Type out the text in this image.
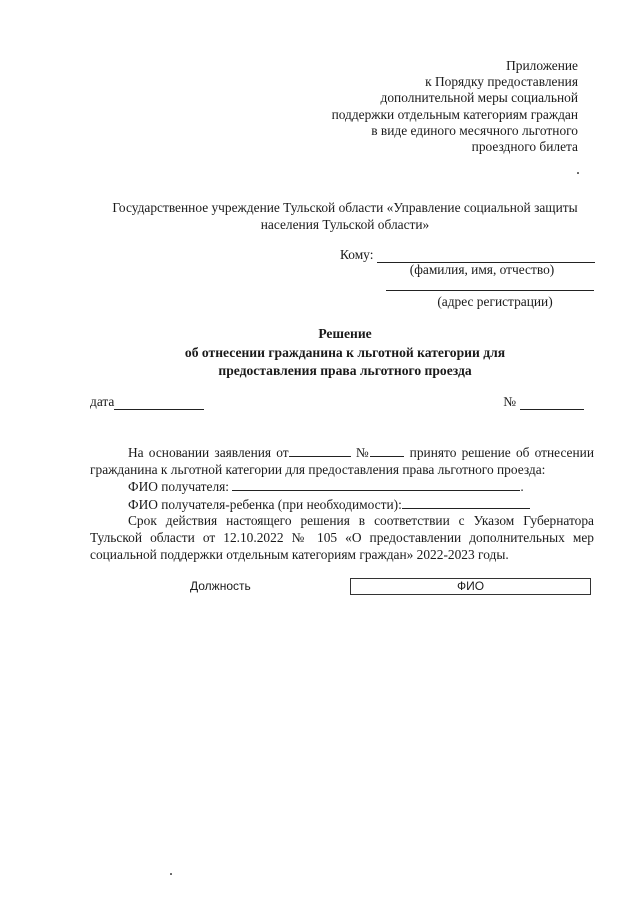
Приложение
к Порядку предоставления
дополнительной меры социальной
поддержки отдельным категориям граждан
в виде единого месячного льготного
проездного билета
Государственное учреждение Тульской области «Управление социальной защиты
населения Тульской области»
Кому:
(фамилия, имя, отчество)
(адрес регистрации)
Решение
об отнесении гражданина к льготной категории для
предоставления права льготного проезда
дата	№

На основании заявления от	№	принято решение об отнесении гражданина к льготной категории для предоставления права льготного проезда:

ФИО получателя:	.

ФИО получателя-ребенка (при необходимости):

Срок действия настоящего решения в соответствии с Указом Губернатора Тульской области от 12.10.2022 № 105 «О предоставлении дополнительных мер социальной поддержки отдельным категориям граждан» 2022-2023 годы.

Должность	ФИО
